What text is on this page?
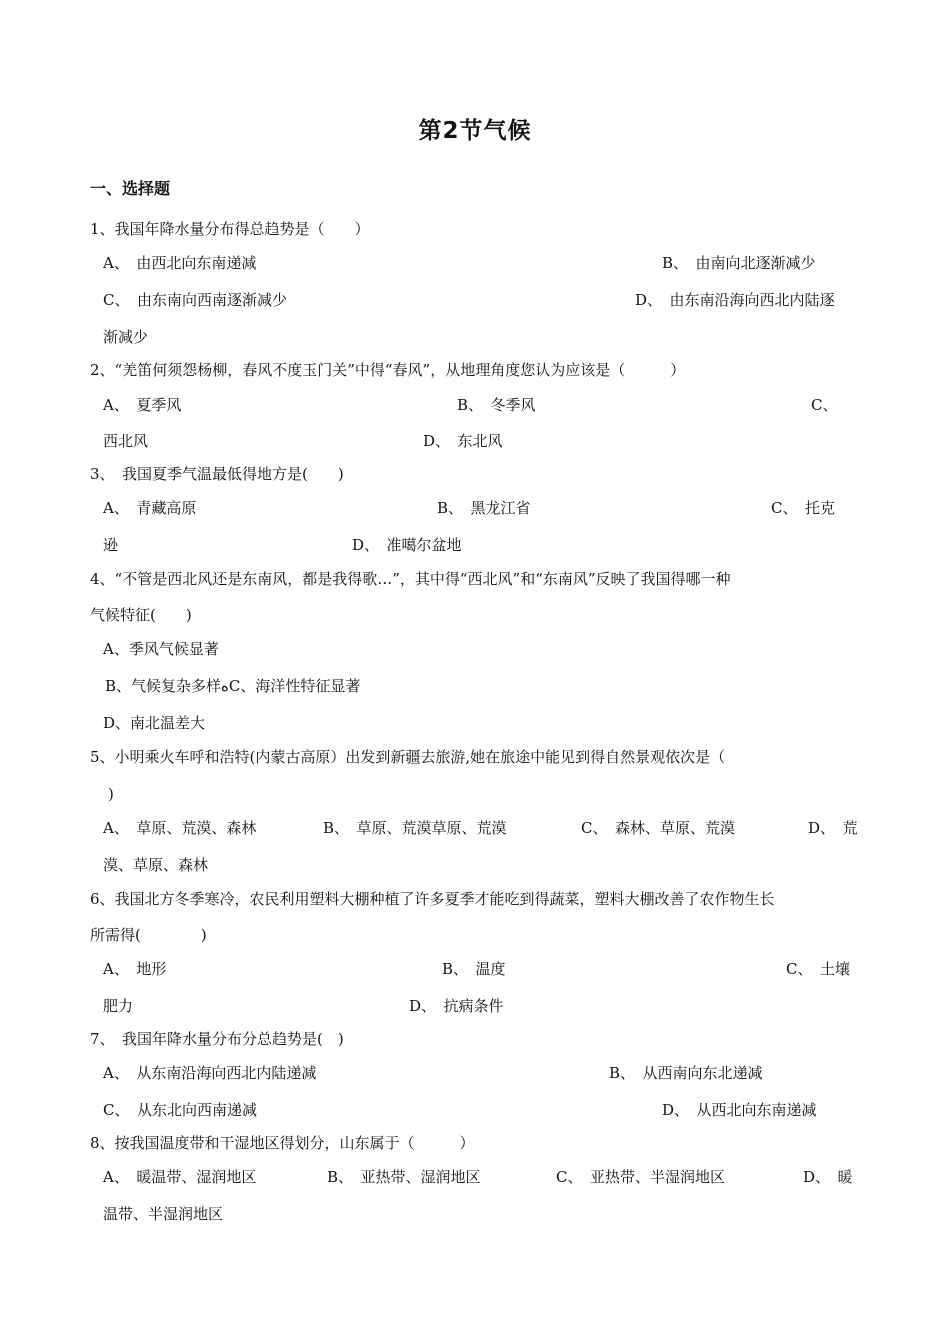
第2节气候
一、选择题
1、我国年降水量分布得总趋势是（　　）
A、　由西北向东南递减	B、　由南向北逐渐减少
C、　由东南向西南逐渐减少	D、　由东南沿海向西北内陆逐
渐减少
2、“羌笛何须怨杨柳，春风不度玉门关”中得“春风”，从地理角度您认为应该是（　　　）
A、　夏季风	B、　冬季风	C、
西北风	D、　东北风
3、　我国夏季气温最低得地方是(　　)
A、　青藏高原	B、　黑龙江省	C、　托克
逊	D、　准噶尔盆地
4、“不管是西北风还是东南风，都是我得歌…”，其中得“西北风”和“东南风”反映了我国得哪一种
气候特征(　　)
A、季风气候显著
B、气候复杂多样ﻩC、海洋性特征显著
D、南北温差大
5、小明乘火车呼和浩特(内蒙古高原）出发到新疆去旅游,她在旅途中能见到得自然景观依次是（
)
A、　草原、荒漠、森林	B、　草原、荒漠草原、荒漠	C、　森林、草原、荒漠	D、　荒
漠、草原、森林
6、我国北方冬季寒冷，农民利用塑料大棚种植了许多夏季才能吃到得蔬菜，塑料大棚改善了农作物生长
所需得(　　　　)
A、　地形	B、　温度	C、　土壤
肥力	D、　抗病条件
7、　我国年降水量分布分总趋势是(　)
A、　从东南沿海向西北内陆递减	B、　从西南向东北递减
C、　从东北向西南递减	D、　从西北向东南递减
8、按我国温度带和干湿地区得划分，山东属于（　　　）
A、　暖温带、湿润地区	B、　亚热带、湿润地区	C、　亚热带、半湿润地区	D、　暖
温带、半湿润地区
